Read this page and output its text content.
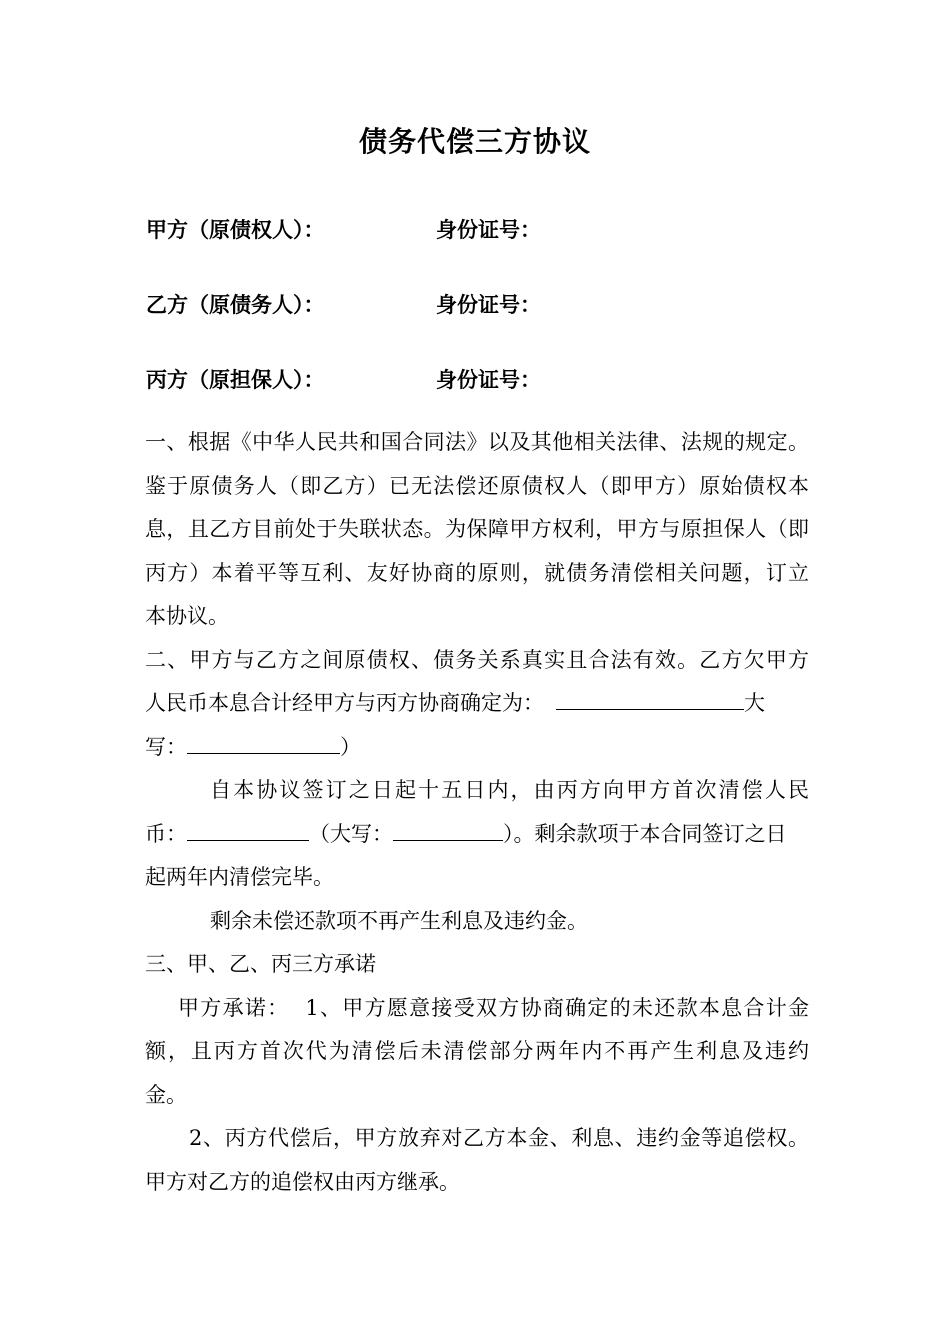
债务代偿三方协议
甲方（原债权人）：	身份证号：
乙方（原债务人）：	身份证号：
丙方（原担保人）：	身份证号：

一、根据《中华人民共和国合同法》以及其他相关法律、法规的规定。
鉴于原债务人（即乙方）已无法偿还原债权人（即甲方）原始债权本
息，且乙方目前处于失联状态。为保障甲方权利，甲方与原担保人（即
丙方）本着平等互利、友好协商的原则，就债务清偿相关问题，订立
本协议。

二、甲方与乙方之间原债权、债务关系真实且合法有效。乙方欠甲方
人民币本息合计经甲方与丙方协商确定为：	大
写：	）
自本协议签订之日起十五日内，由丙方向甲方首次清偿人民
币：	（大写：	）。剩余款项于本合同签订之日
起两年内清偿完毕。
剩余未偿还款项不再产生利息及违约金。

三、甲、乙、丙三方承诺
甲方承诺：  1、甲方愿意接受双方协商确定的未还款本息合计金
额，且丙方首次代为清偿后未清偿部分两年内不再产生利息及违约
金。
2、丙方代偿后，甲方放弃对乙方本金、利息、违约金等追偿权。
甲方对乙方的追偿权由丙方继承。
